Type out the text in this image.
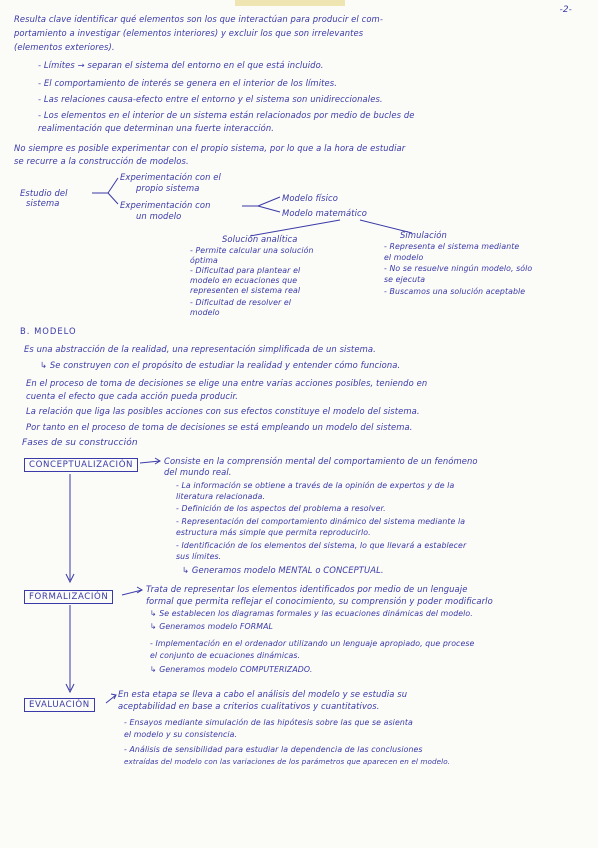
-2-
Resulta clave identificar qué elementos son los que interactúan para producir el com-
portamiento a investigar (elementos interiores) y excluir los que son irrelevantes
(elementos exteriores).
- Límites → separan el sistema del entorno en el que está incluido.
- El comportamiento de interés se genera en el interior de los límites.
- Las relaciones causa-efecto entre el entorno y el sistema son unidireccionales.
- Los elementos en el interior de un sistema están relacionados por medio de bucles de
realimentación que determinan una fuerte interacción.
No siempre es posible experimentar con el propio sistema, por lo que a la hora de estudiar
se recurre a la construcción de modelos.
Estudio del
sistema
Experimentación con el
propio sistema
Experimentación con
un modelo
Modelo físico
Modelo matemático
Solución analítica
- Permite calcular una solución
óptima
- Dificultad para plantear el
modelo en ecuaciones que
representen el sistema real
- Dificultad de resolver el
modelo
Simulación
- Representa el sistema mediante
el modelo
- No se resuelve ningún modelo, sólo
se ejecuta
- Buscamos una solución aceptable
B. MODELO
Es una abstracción de la realidad, una representación simplificada de un sistema.
↳ Se construyen con el propósito de estudiar la realidad y entender cómo funciona.
En el proceso de toma de decisiones se elige una entre varias acciones posibles, teniendo en
cuenta el efecto que cada acción pueda producir.
La relación que liga las posibles acciones con sus efectos constituye el modelo del sistema.
Por tanto en el proceso de toma de decisiones se está empleando un modelo del sistema.
Fases de su construcción
CONCEPTUALIZACIÓN	Consiste en la comprensión mental del comportamiento de un fenómeno
del mundo real.
- La información se obtiene a través de la opinión de expertos y de la
literatura relacionada.
- Definición de los aspectos del problema a resolver.
- Representación del comportamiento dinámico del sistema mediante la
estructura más simple que permita reproducirlo.
- Identificación de los elementos del sistema, lo que llevará a establecer
sus límites.
↳ Generamos modelo MENTAL o CONCEPTUAL.
FORMALIZACIÓN
Trata de representar los elementos identificados por medio de un lenguaje
formal que permita reflejar el conocimiento, su comprensión y poder modificarlo
↳ Se establecen los diagramas formales y las ecuaciones dinámicas del modelo.
↳ Generamos modelo FORMAL
- Implementación en el ordenador utilizando un lenguaje apropiado, que procese
el conjunto de ecuaciones dinámicas.
↳ Generamos modelo COMPUTERIZADO.
EVALUACIÓN
En esta etapa se lleva a cabo el análisis del modelo y se estudia su
aceptabilidad en base a criterios cualitativos y cuantitativos.
- Ensayos mediante simulación de las hipótesis sobre las que se asienta
el modelo y su consistencia.
- Análisis de sensibilidad para estudiar la dependencia de las conclusiones
extraídas del modelo con las variaciones de los parámetros que aparecen en el modelo.
